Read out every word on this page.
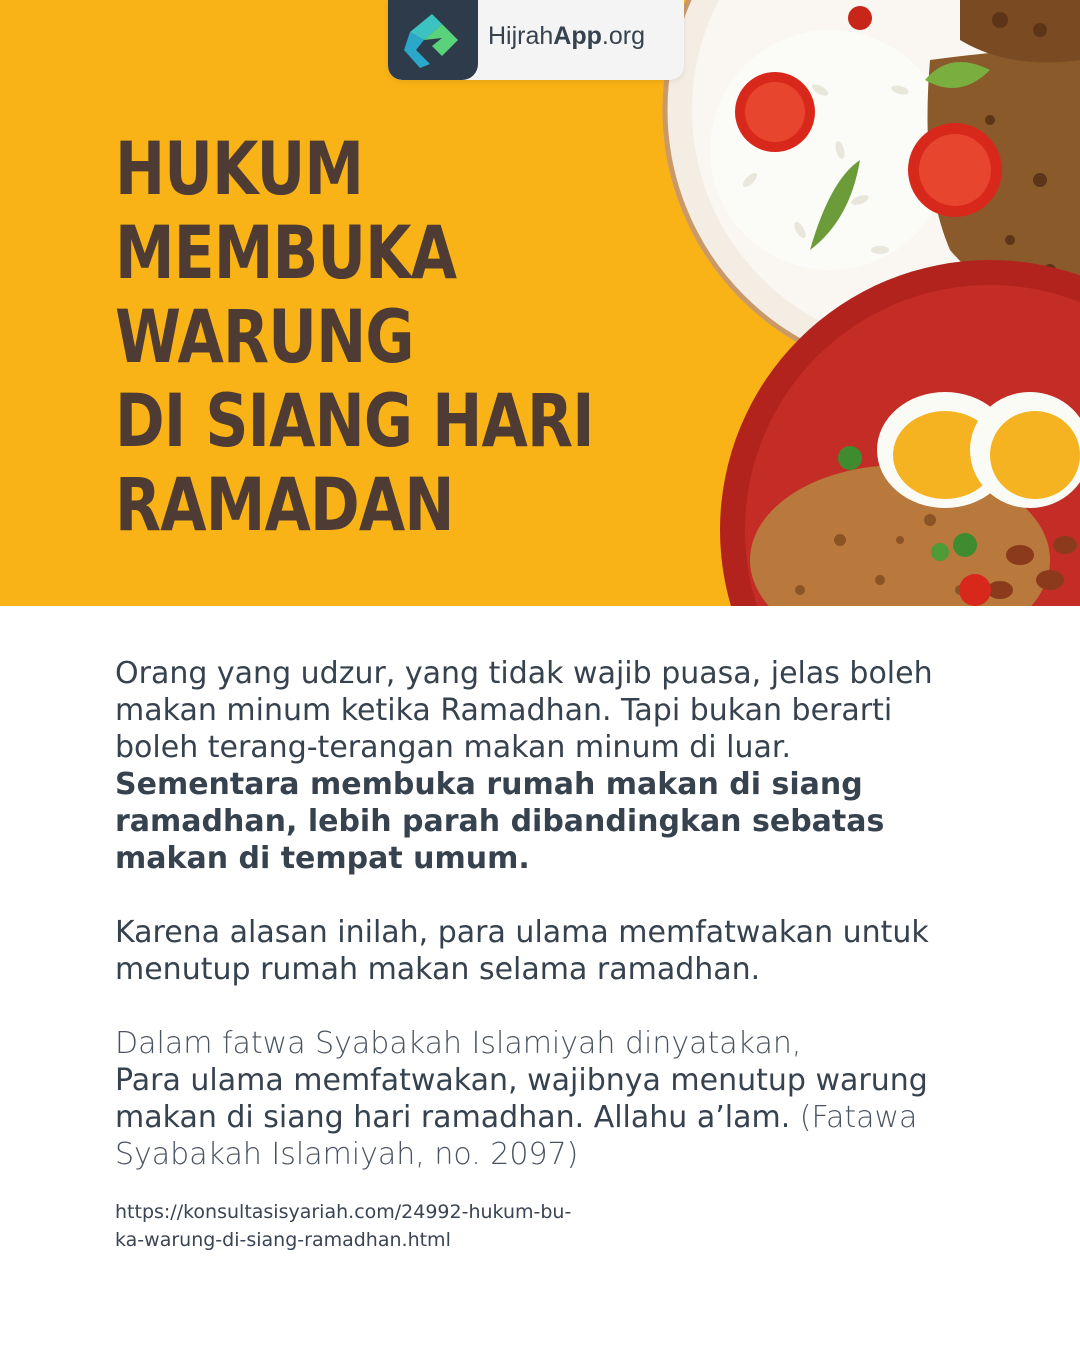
HijrahApp.org
HUKUM
MEMBUKA
WARUNG
DI SIANG HARI
RAMADAN

Orang yang udzur, yang tidak wajib puasa, jelas boleh makan minum ketika Ramadhan. Tapi bukan berarti boleh terang-terangan makan minum di luar. Sementara membuka rumah makan di siang ramadhan, lebih parah dibandingkan sebatas makan di tempat umum.

Karena alasan inilah, para ulama memfatwakan untuk menutup rumah makan selama ramadhan.

Dalam fatwa Syabakah Islamiyah dinyatakan,
Para ulama memfatwakan, wajibnya menutup warung makan di siang hari ramadhan. Allahu a’lam. (Fatawa Syabakah Islamiyah, no. 2097)

https://konsultasisyariah.com/24992-hukum-bu-
ka-warung-di-siang-ramadhan.html
